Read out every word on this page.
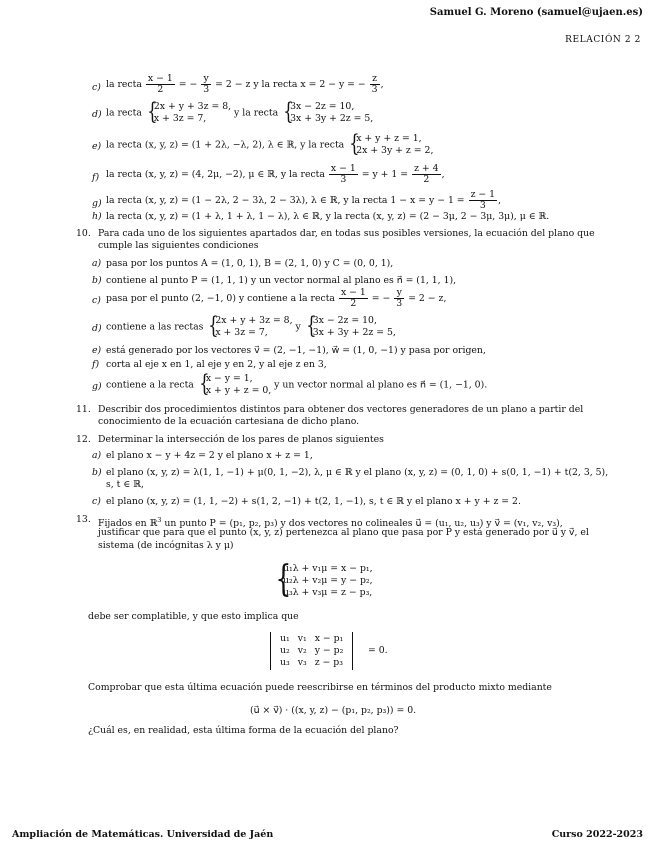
Samuel G. Moreno (samuel@ujaen.es)
RELACIÓN 2 2
c) la recta $\frac{x - 1}{2}$ = − $\frac{y}{3} = 2 - z$ y la recta x = 2 − y = − $\frac{z}{3}$ ,
d) la recta {
2x + y + 3z = 8,
x + 3z = 7,	y la recta {
3x − 2z = 10,
3x + 3y + 2z = 5,
e) la recta (x, y, z) = (1 + 2λ, −λ, 2), λ ∈ ℝ, y la recta {
x + y + z = 1,
2x + 3y + z = 2,
f) la recta (x, y, z) = (4, 2μ, −2), μ ∈ ℝ, y la recta $\frac{x - 1}{3} = y + 1 = \frac{z + 4}{2}$ ,
g) la recta (x, y, z) = (1 − 2λ, 2 − 3λ, 2 − 3λ), λ ∈ ℝ, y la recta $1 - x = y - 1 = \frac{z - 1}{3}$ ,
h) la recta (x, y, z) = (1 + λ, 1 + λ, 1 − λ), λ ∈ ℝ, y la recta (x, y, z) = (2 − 3μ, 2 − 3μ, 3μ), μ ∈ ℝ.
10. Para cada uno de los siguientes apartados dar, en todas sus posibles versiones, la ecuación del plano que
cumple las siguientes condiciones
a) pasa por los puntos A = (1, 0, 1), B = (2, 1, 0) y C = (0, 0, 1),
b) contiene al punto P = (1, 1, 1) y un vector normal al plano es n⃗ = (1, 1, 1),
c) pasa por el punto (2, −1, 0) y contiene a la recta $\frac{x - 1}{2}$ = − $\frac{y}{3} = 2 - z$,
d) contiene a las rectas {
2x + y + 3z = 8,
x + 3z = 7,	y {
3x − 2z = 10,
3x + 3y + 2z = 5,
e) está generado por los vectores v⃗ = (2, −1, −1), w⃗ = (1, 0, −1) y pasa por origen,
f) corta al eje x en 1, al eje y en 2, y al eje z en 3,
g) contiene a la recta {
x − y = 1,
x + y + z = 0, y un vector normal al plano es n⃗ = (1, −1, 0).
11. Describir dos procedimientos distintos para obtener dos vectores generadores de un plano a partir del
conocimiento de la ecuación cartesiana de dicho plano.
12. Determinar la intersección de los pares de planos siguientes
a) el plano x − y + 4z = 2 y el plano x + z = 1,
b) el plano (x, y, z) = λ(1, 1, −1) + μ(0, 1, −2), λ, μ ∈ ℝ y el plano (x, y, z) = (0, 1, 0) + s(0, 1, −1) + t(2, 3, 5),
s, t ∈ ℝ,
c) el plano (x, y, z) = (1, 1, −2) + s(1, 2, −1) + t(2, 1, −1), s, t ∈ ℝ y el plano x + y + z = 2.
13. Fijados en ℝ$^3$ un punto P = (p₁, p₂, p₃) y dos vectores no colineales u⃗ = (u₁, u₂, u₃) y v⃗ = (v₁, v₂, v₃),
justificar que para que el punto (x, y, z) pertenezca al plano que pasa por P y está generado por u⃗ y v⃗, el
sistema (de incógnitas λ y μ)
{
u₁λ + v₁μ = x − p₁,
u₂λ + v₂μ = y − p₂,
u₃λ + v₃μ = z − p₃,
debe ser complatible, y que esto implica que
u₁	v₁	x − p₁
u₂	v₂	y − p₂
u₃	v₃	z − p₃
= 0.
Comprobar que esta última ecuación puede reescribirse en términos del producto mixto mediante
(u⃗ × v⃗) · ((x, y, z) − (p₁, p₂, p₃)) = 0.
¿Cuál es, en realidad, esta última forma de la ecuación del plano?
Ampliación de Matemáticas. Universidad de Jaén	Curso 2022-2023
